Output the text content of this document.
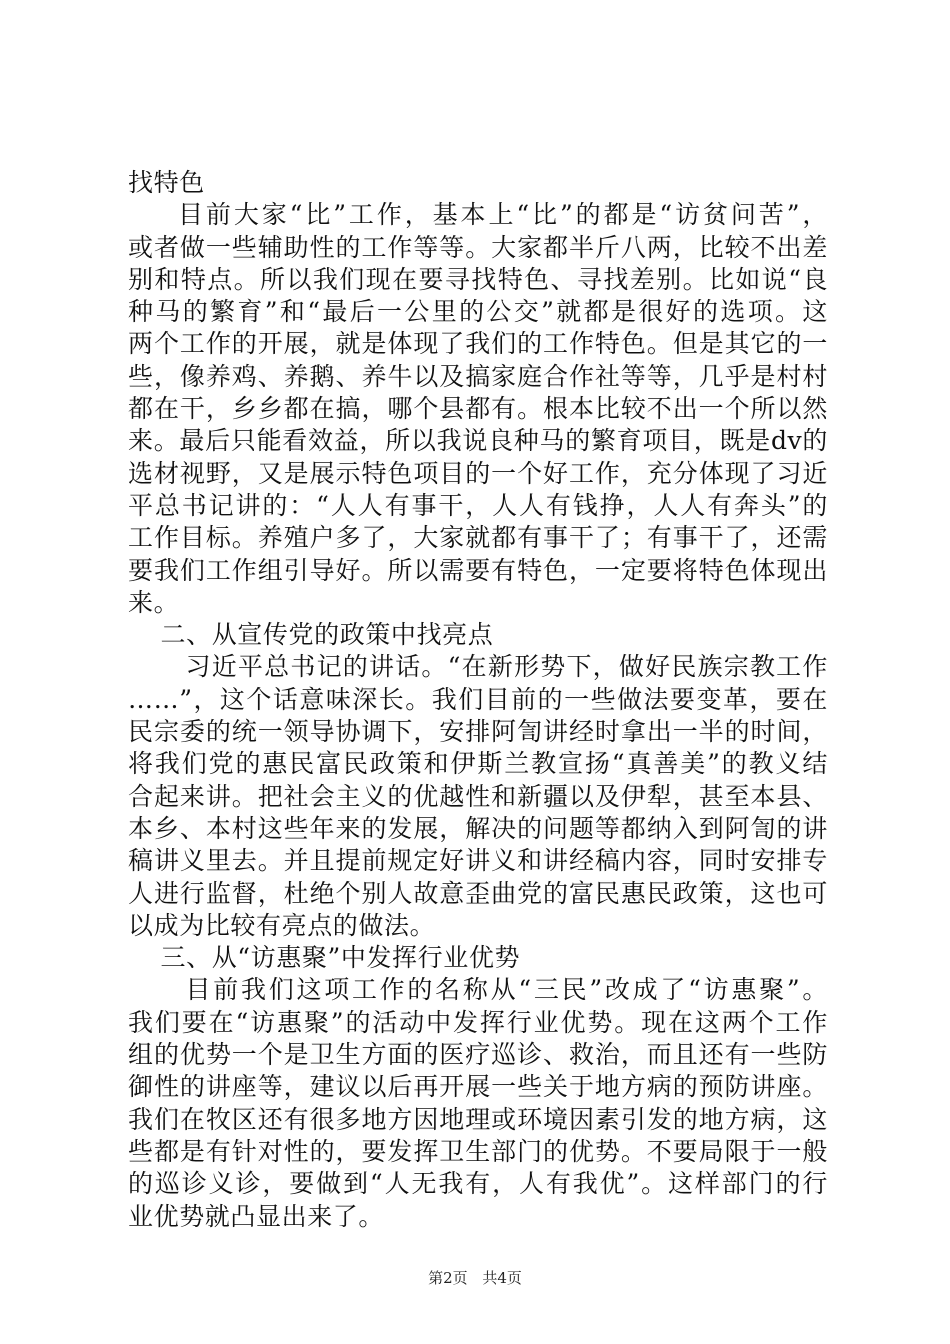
找特色
目前大家“比”工作，基本上“比”的都是“访贫问苦”，
或者做一些辅助性的工作等等。大家都半斤八两，比较不出差
别和特点。所以我们现在要寻找特色、寻找差别。比如说“良
种马的繁育”和“最后一公里的公交”就都是很好的选项。这
两个工作的开展，就是体现了我们的工作特色。但是其它的一
些，像养鸡、养鹅、养牛以及搞家庭合作社等等，几乎是村村
都在干，乡乡都在搞，哪个县都有。根本比较不出一个所以然
来。最后只能看效益，所以我说良种马的繁育项目，既是dv的
选材视野，又是展示特色项目的一个好工作，充分体现了习近
平总书记讲的：“人人有事干，人人有钱挣，人人有奔头”的
工作目标。养殖户多了，大家就都有事干了；有事干了，还需
要我们工作组引导好。所以需要有特色，一定要将特色体现出
来。
二、从宣传党的政策中找亮点
习近平总书记的讲话。“在新形势下，做好民族宗教工作
……”，这个话意味深长。我们目前的一些做法要变革，要在
民宗委的统一领导协调下，安排阿訇讲经时拿出一半的时间，
将我们党的惠民富民政策和伊斯兰教宣扬“真善美”的教义结
合起来讲。把社会主义的优越性和新疆以及伊犁，甚至本县、
本乡、本村这些年来的发展，解决的问题等都纳入到阿訇的讲
稿讲义里去。并且提前规定好讲义和讲经稿内容，同时安排专
人进行监督，杜绝个别人故意歪曲党的富民惠民政策，这也可
以成为比较有亮点的做法。
三、从“访惠聚”中发挥行业优势
目前我们这项工作的名称从“三民”改成了“访惠聚”。
我们要在“访惠聚”的活动中发挥行业优势。现在这两个工作
组的优势一个是卫生方面的医疗巡诊、救治，而且还有一些防
御性的讲座等，建议以后再开展一些关于地方病的预防讲座。
我们在牧区还有很多地方因地理或环境因素引发的地方病，这
些都是有针对性的，要发挥卫生部门的优势。不要局限于一般
的巡诊义诊，要做到“人无我有，人有我优”。这样部门的行
业优势就凸显出来了。
第2页 共4页
